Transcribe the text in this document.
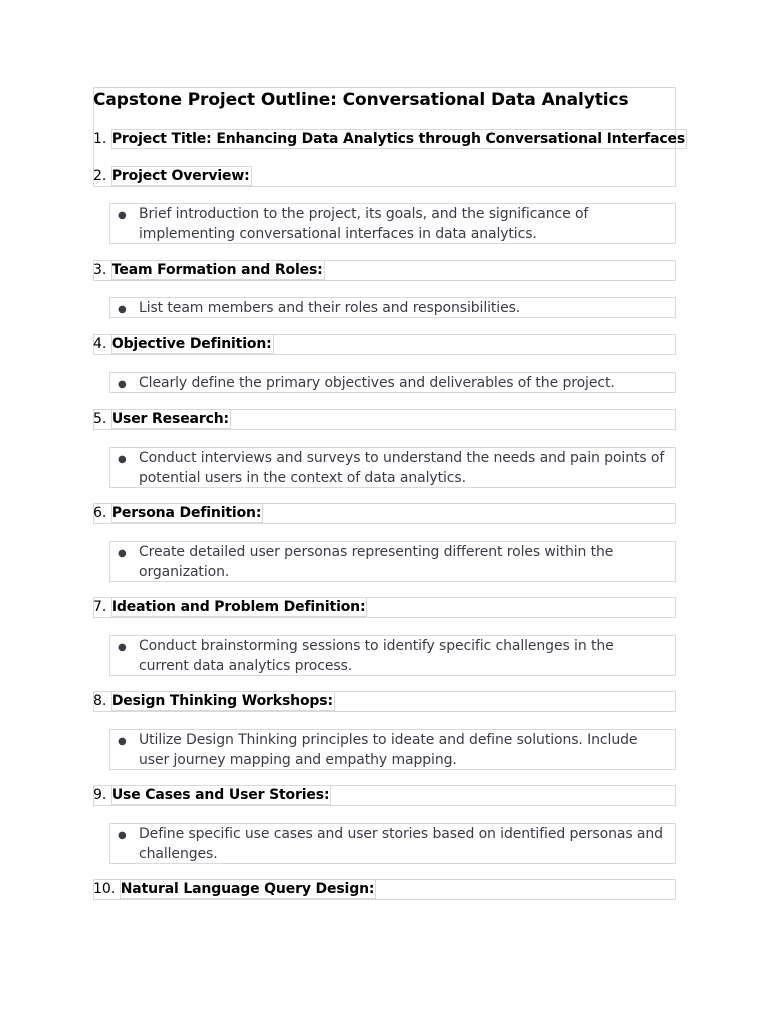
Capstone Project Outline: Conversational Data Analytics
1. Project Title: Enhancing Data Analytics through Conversational Interfaces
2. Project Overview:
● Brief introduction to the project, its goals, and the significance of implementing conversational interfaces in data analytics.
3. Team Formation and Roles:
● List team members and their roles and responsibilities.
4. Objective Definition:
● Clearly define the primary objectives and deliverables of the project.
5. User Research:
● Conduct interviews and surveys to understand the needs and pain points of potential users in the context of data analytics.
6. Persona Definition:
● Create detailed user personas representing different roles within the organization.
7. Ideation and Problem Definition:
● Conduct brainstorming sessions to identify specific challenges in the current data analytics process.
8. Design Thinking Workshops:
● Utilize Design Thinking principles to ideate and define solutions. Include user journey mapping and empathy mapping.
9. Use Cases and User Stories:
● Define specific use cases and user stories based on identified personas and challenges.
10. Natural Language Query Design:
